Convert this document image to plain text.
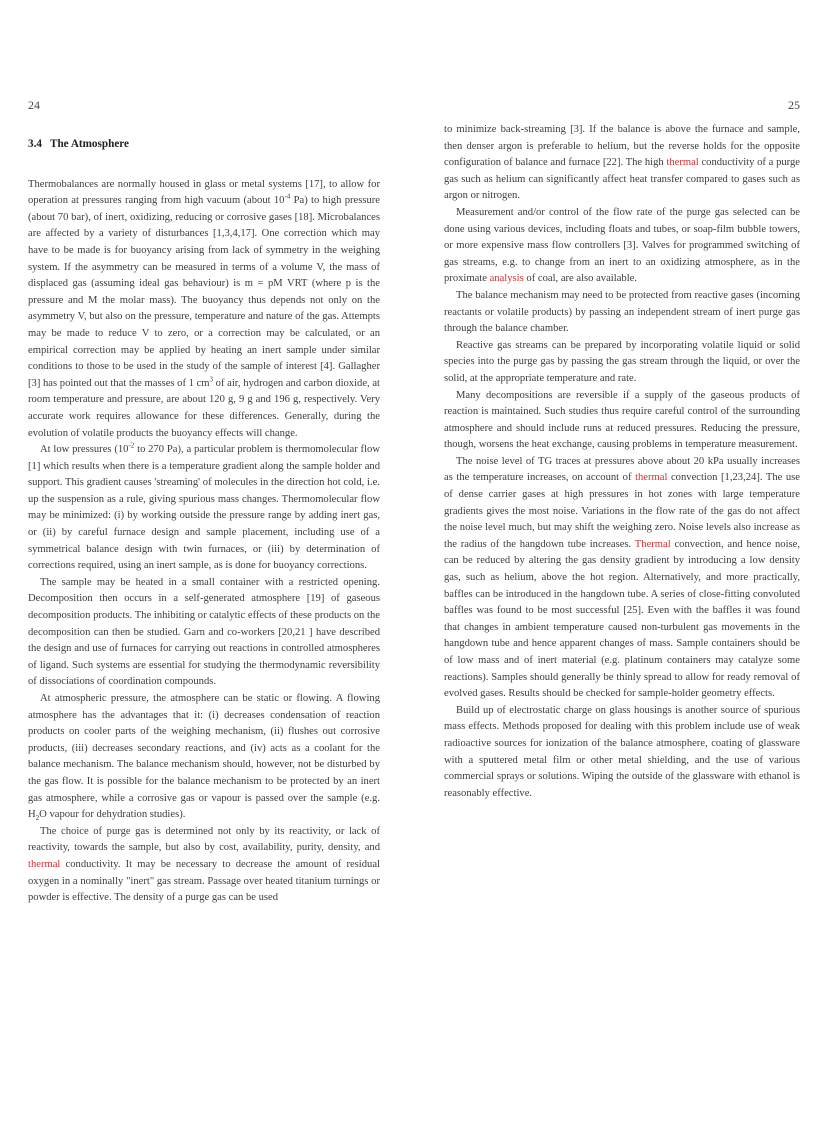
24	25

3.4 The Atmosphere

Thermobalances are normally housed in glass or metal systems [17], to allow for operation at pressures ranging from high vacuum (about $10^{-4}$ Pa) to high pressure (about 70 bar), of inert, oxidizing, reducing or corrosive gases [18]. Microbalances are affected by a variety of disturbances [1,3,4,17]. One correction which may have to be made is for buoyancy arising from lack of symmetry in the weighing system. If the asymmetry can be measured in terms of a volume V, the mass of displaced gas (assuming ideal gas behaviour) is m = pM VRT (where p is the pressure and M the molar mass). The buoyancy thus depends not only on the asymmetry V, but also on the pressure, temperature and nature of the gas. Attempts may be made to reduce V to zero, or a correction may be calculated, or an empirical correction may be applied by heating an inert sample under similar conditions to those to be used in the study of the sample of interest [4]. Gallagher [3] has pointed out that the masses of 1 $cm^3$ of air, hydrogen and carbon dioxide, at room temperature and pressure, are about 120 g, 9 g and 196 g, respectively. Very accurate work requires allowance for these differences. Generally, during the evolution of volatile products the buoyancy effects will change.

At low pressures ($10^{-2}$ to 270 Pa), a particular problem is thermomolecular flow [1] which results when there is a temperature gradient along the sample holder and support. This gradient causes 'streaming' of molecules in the direction hot cold, i.e. up the suspension as a rule, giving spurious mass changes. Thermomolecular flow may be minimized: (i) by working outside the pressure range by adding inert gas, or (ii) by careful furnace design and sample placement, including use of a symmetrical balance design with twin furnaces, or (iii) by determination of corrections required, using an inert sample, as is done for buoyancy corrections.

The sample may be heated in a small container with a restricted opening. Decomposition then occurs in a self-generated atmosphere [19] of gaseous decomposition products. The inhibiting or catalytic effects of these products on the decomposition can then be studied. Garn and co-workers [20,21 ] have described the design and use of furnaces for carrying out reactions in controlled atmospheres of ligand. Such systems are essential for studying the thermodynamic reversibility of dissociations of coordination compounds.

At atmospheric pressure, the atmosphere can be static or flowing. A flowing atmosphere has the advantages that it: (i) decreases condensation of reaction products on cooler parts of the weighing mechanism, (ii) flushes out corrosive products, (iii) decreases secondary reactions, and (iv) acts as a coolant for the balance mechanism. The balance mechanism should, however, not be disturbed by the gas flow. It is possible for the balance mechanism to be protected by an inert gas atmosphere, while a corrosive gas or vapour is passed over the sample (e.g. $H_2O$ vapour for dehydration studies).

The choice of purge gas is determined not only by its reactivity, or lack of reactivity, towards the sample, but also by cost, availability, purity, density, and thermal conductivity. It may be necessary to decrease the amount of residual oxygen in a nominally "inert" gas stream. Passage over heated titanium turnings or powder is effective. The density of a purge gas can be used

to minimize back-streaming [3]. If the balance is above the furnace and sample, then denser argon is preferable to helium, but the reverse holds for the opposite configuration of balance and furnace [22]. The high thermal conductivity of a purge gas such as helium can significantly affect heat transfer compared to gases such as argon or nitrogen.

Measurement and/or control of the flow rate of the purge gas selected can be done using various devices, including floats and tubes, or soap-film bubble towers, or more expensive mass flow controllers [3]. Valves for programmed switching of gas streams, e.g. to change from an inert to an oxidizing atmosphere, as in the proximate analysis of coal, are also available.

The balance mechanism may need to be protected from reactive gases (incoming reactants or volatile products) by passing an independent stream of inert purge gas through the balance chamber.

Reactive gas streams can be prepared by incorporating volatile liquid or solid species into the purge gas by passing the gas stream through the liquid, or over the solid, at the appropriate temperature and rate.

Many decompositions are reversible if a supply of the gaseous products of reaction is maintained. Such studies thus require careful control of the surrounding atmosphere and should include runs at reduced pressures. Reducing the pressure, though, worsens the heat exchange, causing problems in temperature measurement.

The noise level of TG traces at pressures above about 20 kPa usually increases as the temperature increases, on account of thermal convection [1,23,24]. The use of dense carrier gases at high pressures in hot zones with large temperature gradients gives the most noise. Variations in the flow rate of the gas do not affect the noise level much, but may shift the weighing zero. Noise levels also increase as the radius of the hangdown tube increases. Thermal convection, and hence noise, can be reduced by altering the gas density gradient by introducing a low density gas, such as helium, above the hot region. Alternatively, and more practically, baffles can be introduced in the hangdown tube. A series of close-fitting convoluted baffles was found to be most successful [25]. Even with the baffles it was found that changes in ambient temperature caused non-turbulent gas movements in the hangdown tube and hence apparent changes of mass. Sample containers should be of low mass and of inert material (e.g. platinum containers may catalyze some reactions). Samples should generally be thinly spread to allow for ready removal of evolved gases. Results should be checked for sample-holder geometry effects.

Build up of electrostatic charge on glass housings is another source of spurious mass effects. Methods proposed for dealing with this problem include use of weak radioactive sources for ionization of the balance atmosphere, coating of glassware with a sputtered metal film or other metal shielding, and the use of various commercial sprays or solutions. Wiping the outside of the glassware with ethanol is reasonably effective.
